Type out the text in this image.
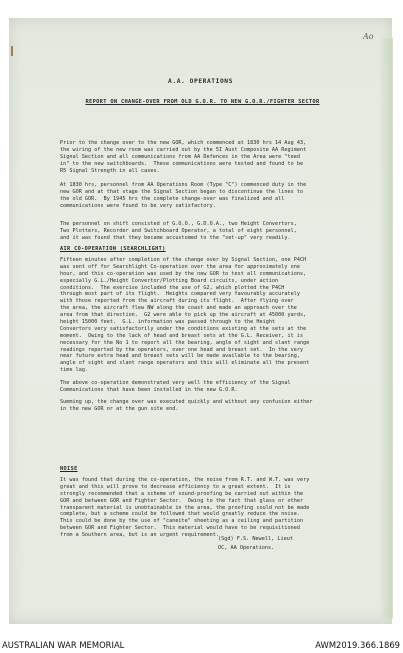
Ao
A.A. OPERATIONS
REPORT ON CHANGE-OVER FROM OLD G.O.R. TO NEW G.O.R./FIGHTER SECTOR
(Sgd) F.S. Newell, Lieut
OC, AA Operations.
Prior to the change over to the new GOR, which commenced at 1830 hrs 14 Aug 43,
the wiring of the new room was carried out by the 5I Aust Composite AA Regiment
Signal Section and all communications from AA Defences in the Area were "teed
in" to the new switchboards.  These communications were tested and found to be
R5 Signal Strength in all cases.
At 1830 hrs, personnel from AA Operations Room (Type "C") commenced duty in the
new GOR and at that stage the Signal Section began to discontinue the lines to
the old GOR.  By 1945 hrs the complete change-over was finalized and all
communications were found to be very satisfactory.
The personnel on shift consisted of G.O.O., G.D.O.A., two Height Convertors,
Two Plotters, Recorder and Switchboard Operator, a total of eight personnel,
and it was found that they became accustomed to the "set-up" very readily.
AIR CO-OPERATION (SEARCHLIGHT)
Fifteen minutes after completion of the change over by Signal Section, one P4CH
was sent off for Searchlight Co-operation over the area for approximately one
hour, and this co-operation was used by the new GOR to test all communications,
especially G.L./Height Convertor/Plotting Board circuits, under action
conditions.  The exercise included the use of G2, which plotted the P4CH
through most part of its flight.  Heights compared very favourably accurately
with those reported from the aircraft during its flight.  After flying over
the area, the aircraft flew NW along the coast and made an approach over the
area from that direction.  G2 were able to pick up the aircraft at 45000 yards,
height 15000 feet.  G.L. information was passed through to the Height
Convertors very satisfactorily under the conditions existing at the sets at the
moment.  Owing to the lack of head and breast sets at the G.L. Receiver, it is
necessary for the No 1 to report all the bearing, angle of sight and slant range
readings reported by the operators, over one head and breast set.  In the very
near future extra head and breast sets will be made available to the bearing,
angle of sight and slant range operators and this will eliminate all the present
time lag.
The above co-operation demonstrated very well the efficiency of the Signal
Communications that have been installed in the new G.O.R.
Summing up, the change over was executed quickly and without any confusion either
in the new GOR or at the gun site end.
NOISE
It was found that during the co-operation, the noise from R.T. and W.T. was very
great and this will prove to decrease efficiency to a great extent.  It is
strongly recommended that a scheme of sound-proofing be carried out within the
GOR and between GOR and Fighter Sector.  Owing to the fact that glass or other
transparent material is unobtainable in the area, the proofing could not be made
complete, but a scheme could be followed that would greatly reduce the noise.
This could be done by the use of "caneite" sheeting as a ceiling and partition
between GOR and Fighter Sector.  This material would have to be requisitioned
from a Southern area, but is an urgent requirement.
AUSTRALIAN WAR MEMORIAL	AWM2019.366.1869
